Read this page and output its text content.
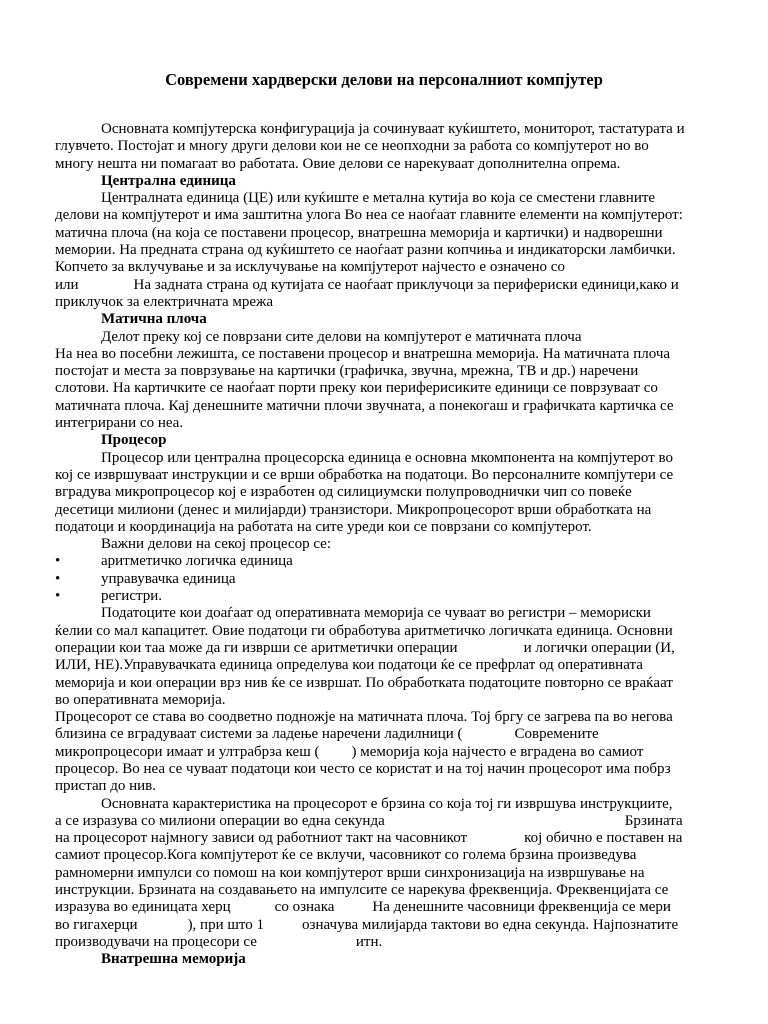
Современи хардверски делови на персоналниот компјутер

Основната компјутерска конфигурација ја сочинуваат куќиштето, мониторот, тастатурата и

глувчето. Постојат и многу други делови кои не се неопходни за работа со компјутерот но во

многу нешта ни помагаат во работата. Овие делови се нарекуваат дополнителна опрема.

Централна единица

Централната единица (ЦЕ) или куќиште е метална кутија во која се сместени главните

делови на компјутерот и има заштитна улога Во неа се наоѓаат главните елементи на компјутерот:

матична плоча (на која се поставени процесор, внатрешна меморија и картички) и надворешни

мемории. На предната страна од куќиштето се наоѓаат разни копчиња и индикаторски ламбички.

Копчето за вклучување и за исклучување на компјутерот најчесто е означено со

или	На задната страна од кутијата се наоѓаат приклучоци за перифериски единици,како и

приклучок за електричната мрежа

Матична плоча

Делот преку кој се поврзани сите делови на компјутерот е матичната плоча

На неа во посебни лежишта, се поставени процесор и внатрешна меморија. На матичната плоча

постојат и места за поврзување на картички (графичка, звучна, мрежна, ТВ и др.) наречени

слотови. На картичките се наоѓаат порти преку кои периферисиките единици се поврзуваат со

матичната плоча. Кај денешните матични плочи звучната, а понекогаш и графичката картичка се

интегрирани со неа.

Процесор

Процесор или централна процесорска единица е основна мкомпонента на компјутерот во

кој се извршуваат инструкции и се врши обработка на податоци. Во персоналните компјутери се

вградува микропроцесор кој е изработен од силициумски полупроводнички чип со повеќе

десетици милиони (денес и милијарди) транзистори. Микропроцесорот врши обработката на

податоци и координација на работата на сите уреди кои се поврзани со компјутерот.

Важни делови на секој процесор се:

•	аритметичко логичка единица
•	управувачка единица
•	регистри.

Податоците кои доаѓаат од оперативната меморија се чуваат во регистри – мемориски

ќелии со мал капацитет. Овие податоци ги обработува аритметичко логичката единица. Основни

операции кои таа може да ги изврши се аритметички операции	и логички операции (И,

ИЛИ, НЕ).Управувачката единица определува кои податоци ќе се префрлат од оперативната

меморија и кои операции врз нив ќе се извршат. По обработката податоците повторно се враќаат

во оперативната меморија.

Процесорот се става во соодветно подножје на матичната плоча. Тој бргу се загрева па во негова

близина се вградуваат системи за ладење наречени ладилници (	Современите

микропроцесори имаат и ултрабрза кеш ( ) меморија која најчесто е вградена во самиот

процесор. Во неа се чуваат податоци кои често се користат и на тој начин процесорот има побрз

пристап до нив.

Основната карактеристика на процесорот е брзина со која тој ги извршува инструкциите,

а се изразува со милиони операции во една секунда	Брзината

на процесорот најмногу зависи од работниот такт на часовникот	кој обично е поставен на

самиот процесор.Кога компјутерот ќе се вклучи, часовникот со голема брзина произведува

рамномерни импулси со помош на кои компјутерот врши синхронизација на извршување на

инструкции. Брзината на создавањето на импулсите се нарекува фреквенција. Фреквенцијата се

изразува во единицата херц	со ознака	На денешните часовници фреквенција се мери

во гигахерци	), при што 1	означува милијарда тактови во една секунда. Најпознатите

производувачи на процесори се	итн.

Внатрешна меморија
